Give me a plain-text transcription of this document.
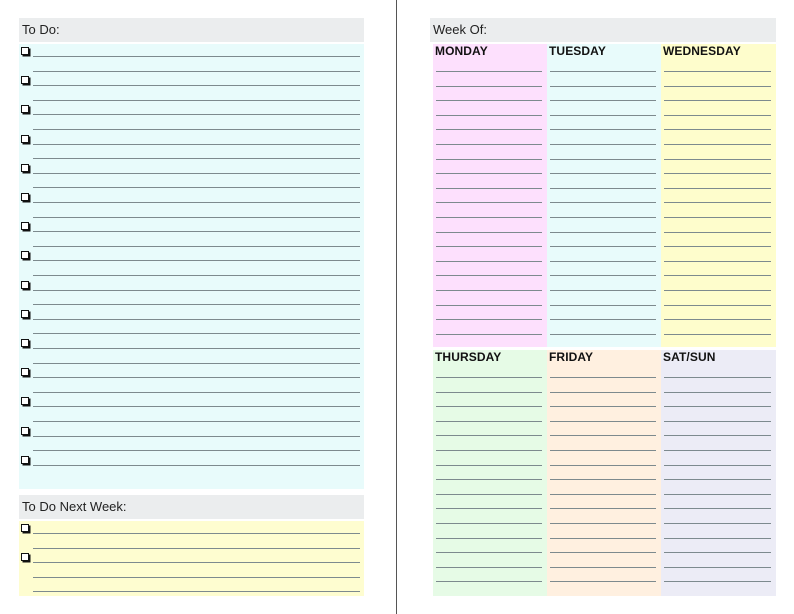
To Do:
To Do Next Week:
Week Of:
MONDAY	TUESDAY	WEDNESDAY
THURSDAY	FRIDAY	SAT/SUN
